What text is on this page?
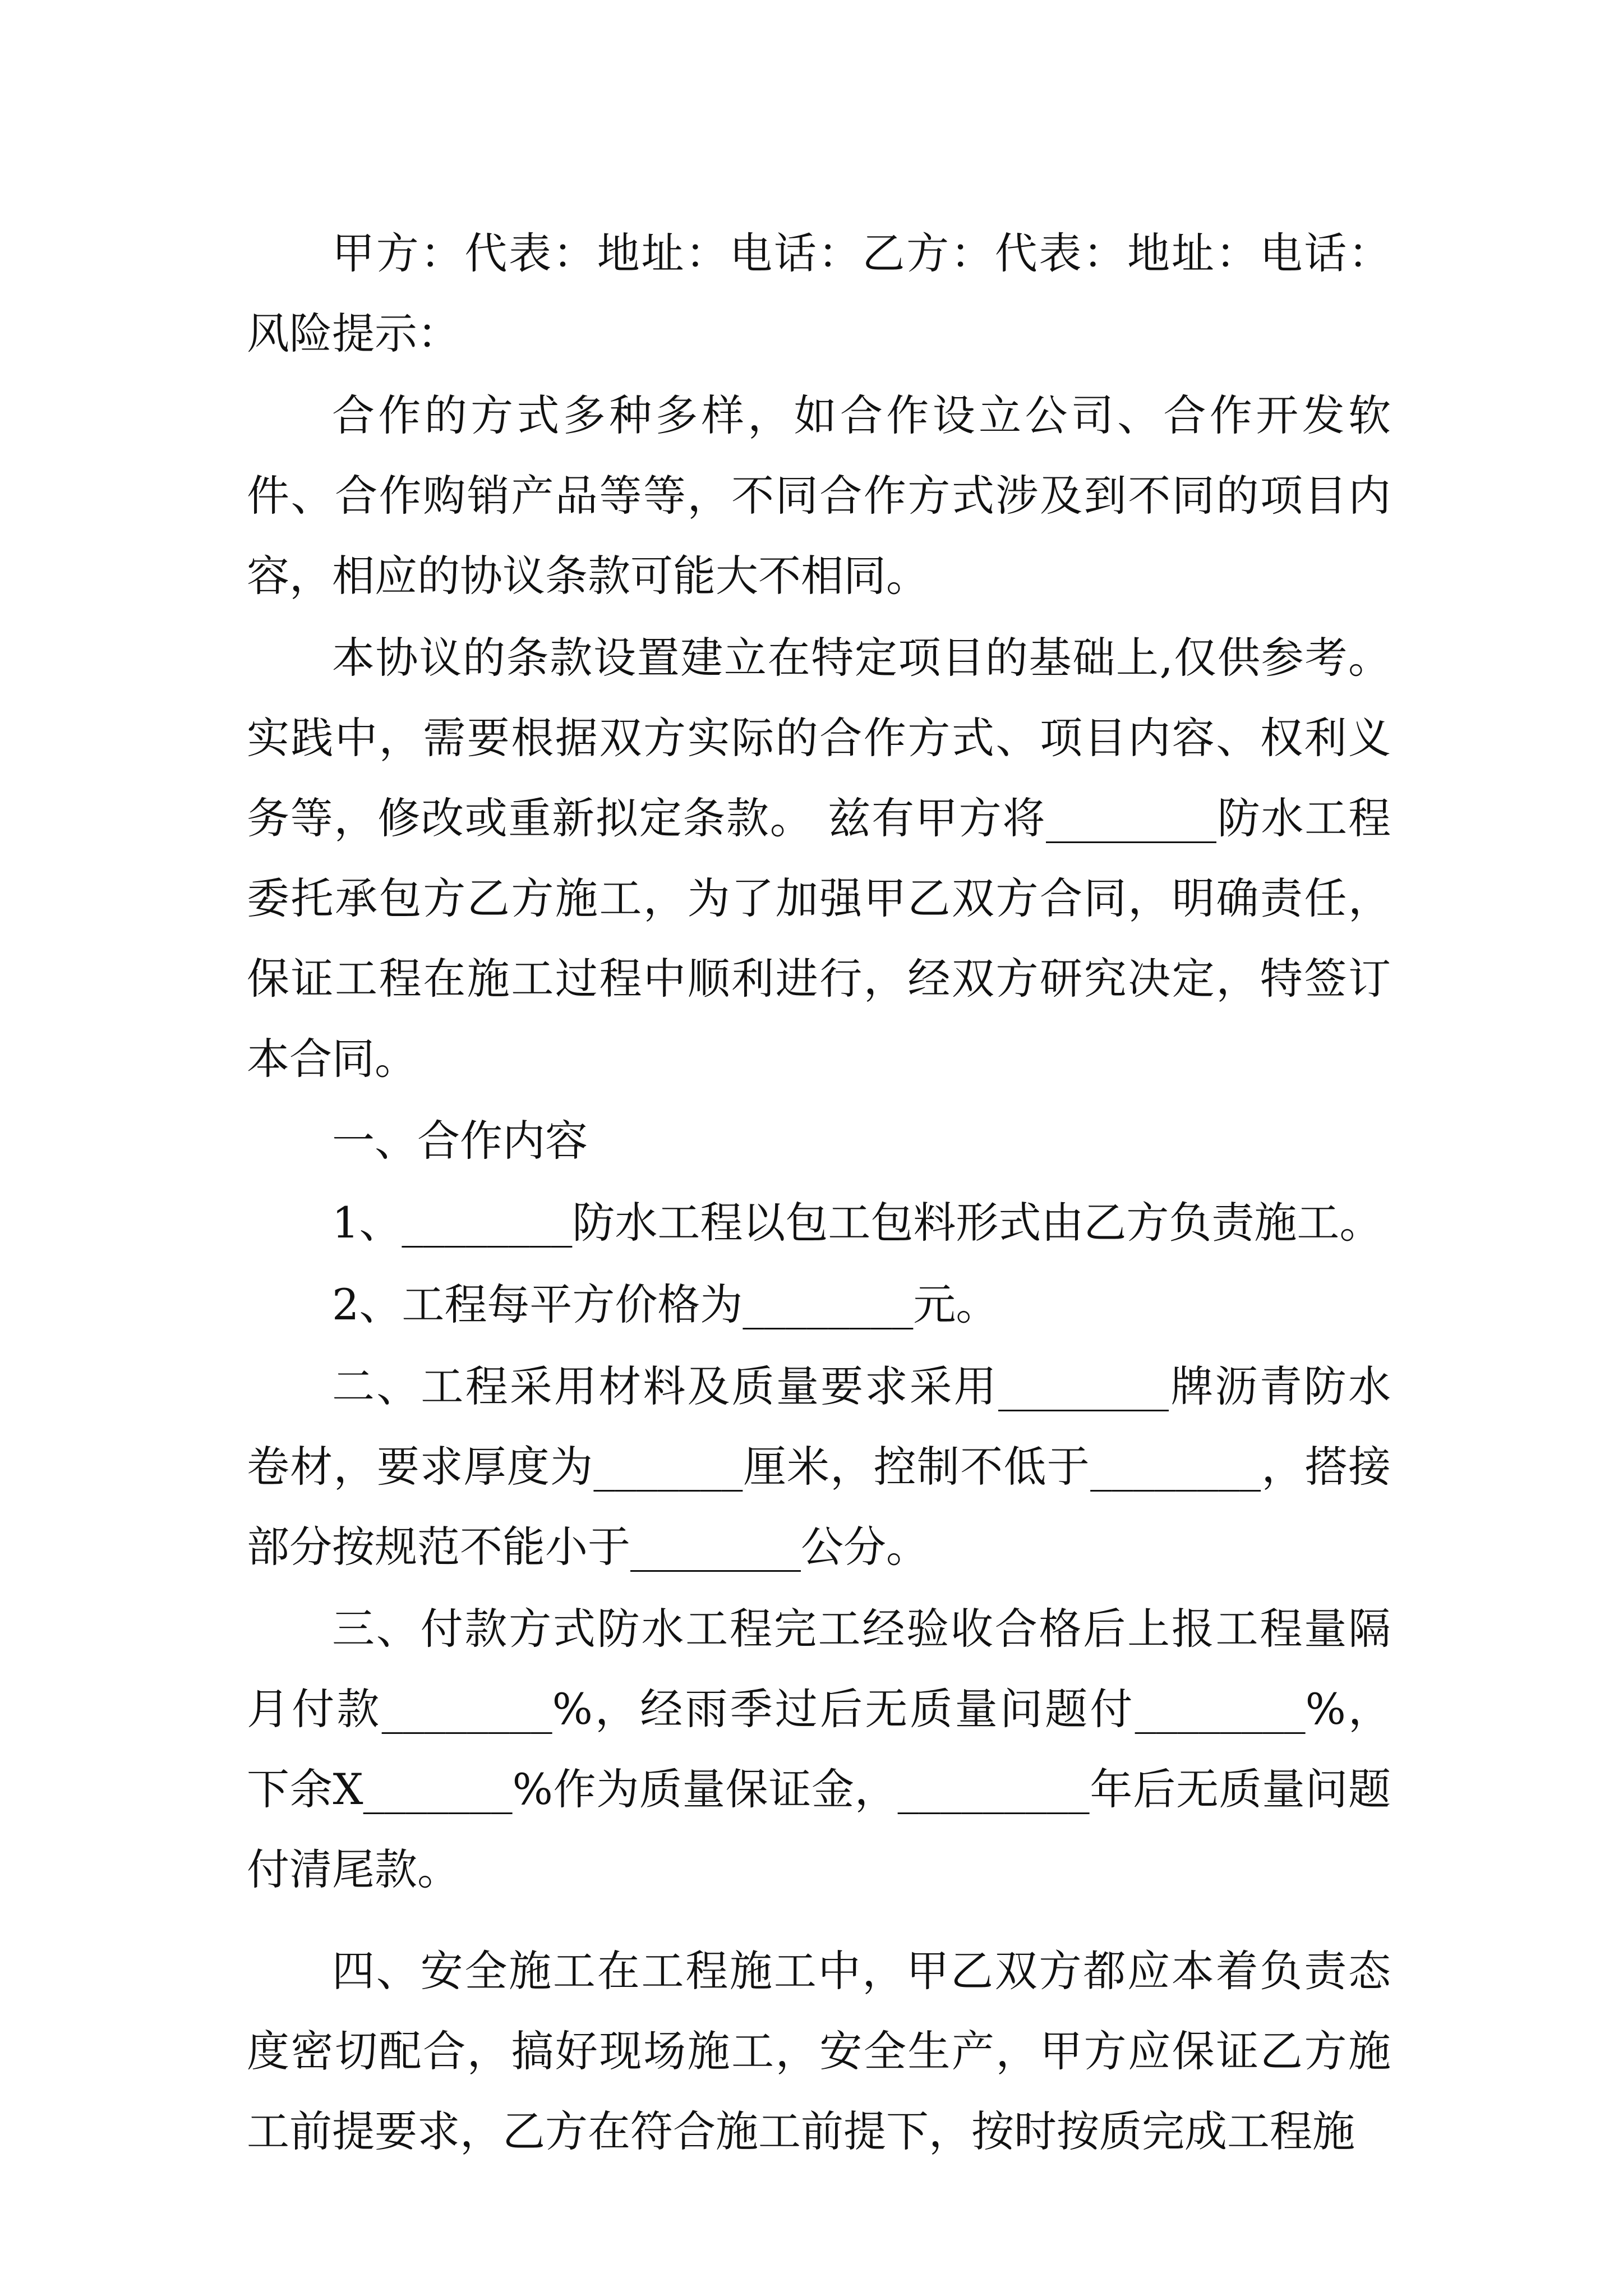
甲方：代表：地址：电话：乙方：代表：地址：电话：风险提示：

合作的方式多种多样，如合作设立公司、合作开发软件、合作购销产品等等，不同合作方式涉及到不同的项目内容，相应的协议条款可能大不相同。

本协议的条款设置建立在特定项目的基础上,仅供参考。实践中，需要根据双方实际的合作方式、项目内容、权利义务等，修改或重新拟定条款。 兹有甲方将________防水工程委托承包方乙方施工，为了加强甲乙双方合同，明确责任，保证工程在施工过程中顺利进行，经双方研究决定，特签订本合同。

一、合作内容

1、________防水工程以包工包料形式由乙方负责施工。

2、工程每平方价格为________元。

二、工程采用材料及质量要求采用________牌沥青防水卷材，要求厚度为_______厘米，控制不低于________，搭接部分按规范不能小于________公分。

三、付款方式防水工程完工经验收合格后上报工程量隔月付款________%，经雨季过后无质量问题付________%，下余X_______%作为质量保证金，_________年后无质量问题付清尾款。

四、安全施工在工程施工中，甲乙双方都应本着负责态度密切配合，搞好现场施工，安全生产，甲方应保证乙方施工前提要求，乙方在符合施工前提下，按时按质完成工程施
